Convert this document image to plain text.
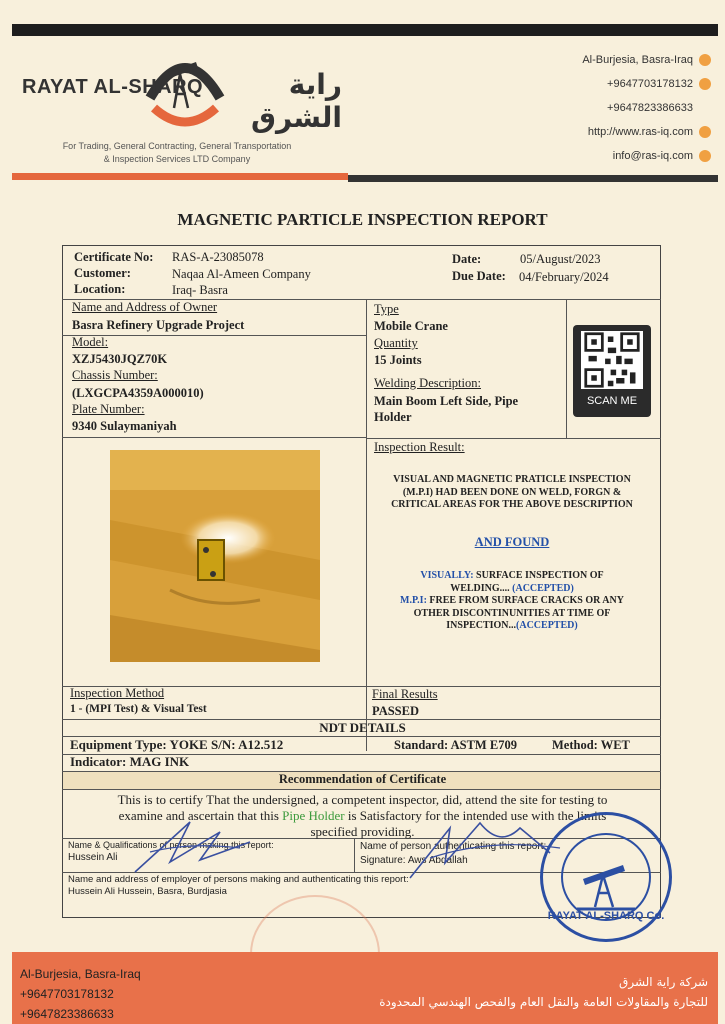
RAYAT AL-SHARQ	راية الشرق
For Trading, General Contracting, General Transportation
& Inspection Services LTD Company
Al-Burjesia, Basra-Iraq
+9647703178132
+9647823386633
http://www.ras-iq.com
info@ras-iq.com
MAGNETIC PARTICLE INSPECTION REPORT
Certificate No: RAS-A-23085078
Customer:	Naqaa Al-Ameen Company
Location:	Iraq- Basra
Date:	05/August/2023
Due Date: 04/February/2024
Name and Address of Owner
Basra Refinery Upgrade Project
Model:
XZJ5430JQZ70K
Chassis Number:
(LXGCPA4359A000010)
Plate Number:
9340 Sulaymaniyah
Type
Mobile Crane
Quantity
15 Joints
Welding Description:
Main Boom Left Side, Pipe
Holder
SCAN ME
Inspection Result:
VISUAL AND MAGNETIC PRATICLE INSPECTION
(M.P.I) HAD BEEN DONE ON WELD, FORGN &
CRITICAL AREAS FOR THE ABOVE DESCRIPTION
AND FOUND
VISUALLY: SURFACE INSPECTION OF
WELDING.... (ACCEPTED)
M.P.I: FREE FROM SURFACE CRACKS OR ANY
OTHER DISCONTINUNITIES AT TIME OF
INSPECTION...(ACCEPTED)
Inspection Method
1 - (MPI Test) & Visual Test
Final Results
PASSED
NDT DETAILS
Equipment Type: YOKE S/N: A12.512	Standard: ASTM E709	Method: WET
Indicator: MAG INK
Recommendation of Certificate
This is to certify That the undersigned, a competent inspector, did, attend the site for testing to
examine and ascertain that this Pipe Holder is Satisfactory for the intended use with the limits
specified providing.
Name & Qualifications of person making this report:
Hussein Ali
Name of person authenticating this report:
Signature: Aws Abdallah
Name and address of employer of persons making and authenticating this report:
Hussein Ali Hussein, Basra, Burdjasia
RAYAT AL-SHARQ Co.
Al-Burjesia, Basra-Iraq
+9647703178132
+9647823386633
شركة راية الشرق
للتجارة والمقاولات العامة والنقل العام والفحص الهندسي المحدودة
